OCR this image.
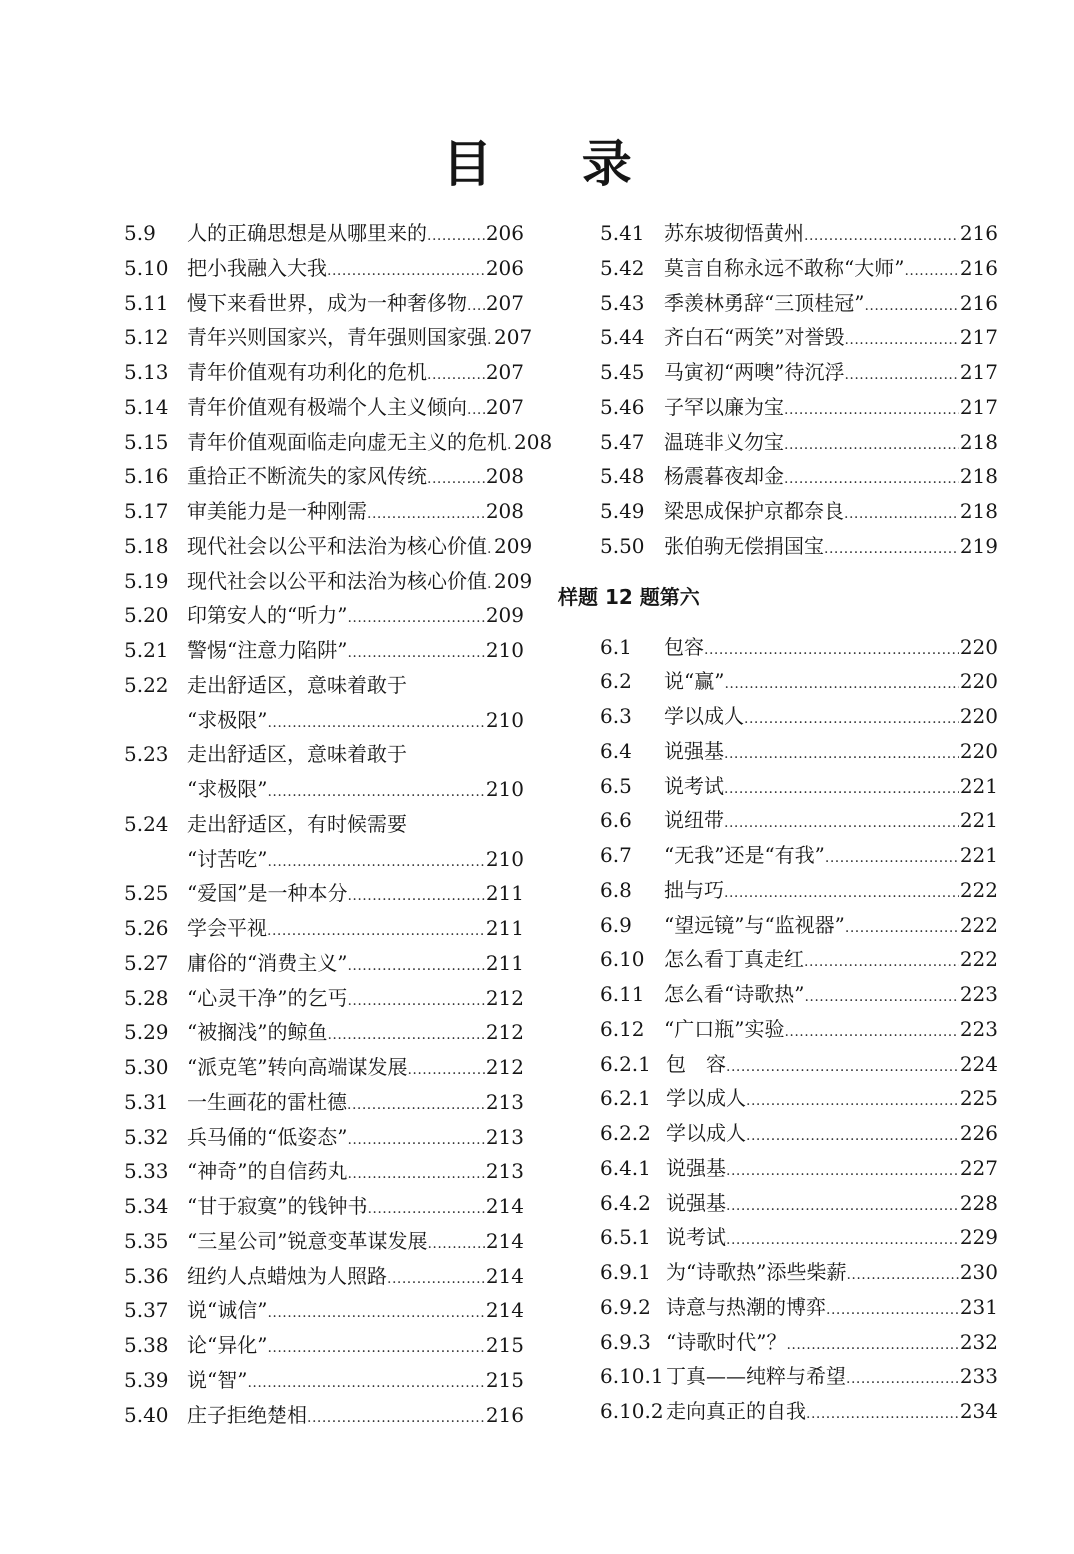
目 录
5.9	人的正确思想是从哪里来的 .....	206
5.10 把小我融入大我 .....	206
5.11 慢下来看世界，成为一种奢侈物 ..... 207
5.12 青年兴则国家兴，青年强则国家强 ..... 207
5.13 青年价值观有功利化的危机 .....	207
5.14 青年价值观有极端个人主义倾向 ..... 207
5.15 青年价值观面临走向虚无主义的危机 ..... 208
5.16 重拾正不断流失的家风传统 .....	208
5.17 审美能力是一种刚需 .....	208
5.18 现代社会以公平和法治为核心价值 ..... 209
5.19 现代社会以公平和法治为核心价值 ..... 209
5.20 印第安人的“听力” .....	209
5.21 警惕“注意力陷阱” .....	210
5.22 走出舒适区，意味着敢于
“求极限” .....	210
5.23 走出舒适区，意味着敢于
“求极限” .....	210
5.24 走出舒适区，有时候需要
“讨苦吃” .....	210
5.25 “爱国”是一种本分 .....	211
5.26 学会平视 .....	211
5.27 庸俗的“消费主义” .....	211
5.28 “心灵干净”的乞丐 .....	212
5.29 “被搁浅”的鲸鱼 .....	212
5.30 “派克笔”转向高端谋发展 .....	212
5.31 一生画花的雷杜德 .....	213
5.32 兵马俑的“低姿态” .....	213
5.33 “神奇”的自信药丸 .....	213
5.34 “甘于寂寞”的钱钟书 .....	214
5.35 “三星公司”锐意变革谋发展 .....	214
5.36 纽约人点蜡烛为人照路 .....	214
5.37 说“诚信” .....	214
5.38 论“异化” .....	215
5.39 说“智” .....	215
5.40 庄子拒绝楚相 .....	216
5.41 苏东坡彻悟黄州 .....	216
5.42 莫言自称永远不敢称“大师” .....	216
5.43 季羡林勇辞“三顶桂冠” .....	216
5.44 齐白石“两笑”对誉毁 .....	217
5.45 马寅初“两噢”待沉浮 .....	217
5.46 子罕以廉为宝 .....	217
5.47 温琏非义勿宝 .....	218
5.48 杨震暮夜却金 .....	218
5.49 梁思成保护京都奈良 .....	218
5.50 张伯驹无偿捐国宝 .....	219
样题 12 题第六
6.1	包容 .....	220
6.2	说“赢” .....	220
6.3	学以成人 .....	220
6.4	说强基 .....	220
6.5	说考试 .....	221
6.6	说纽带 .....	221
6.7	“无我”还是“有我” .....	221
6.8	拙与巧 .....	222
6.9	“望远镜”与“监视器” .....	222
6.10 怎么看丁真走红 .....	222
6.11 怎么看“诗歌热” .....	223
6.12 “广口瓶”实验 .....	223
6.2.1 包　容 .....	224
6.2.1 学以成人 .....	225
6.2.2 学以成人 .....	226
6.4.1 说强基 .....	227
6.4.2 说强基 .....	228
6.5.1 说考试 .....	229
6.9.1 为“诗歌热”添些柴薪 .....	230
6.9.2 诗意与热潮的博弈 .....	231
6.9.3 “诗歌时代”？ .....	232
6.10.1 丁真——纯粹与希望 .....	233
6.10.2 走向真正的自我 .....	234
